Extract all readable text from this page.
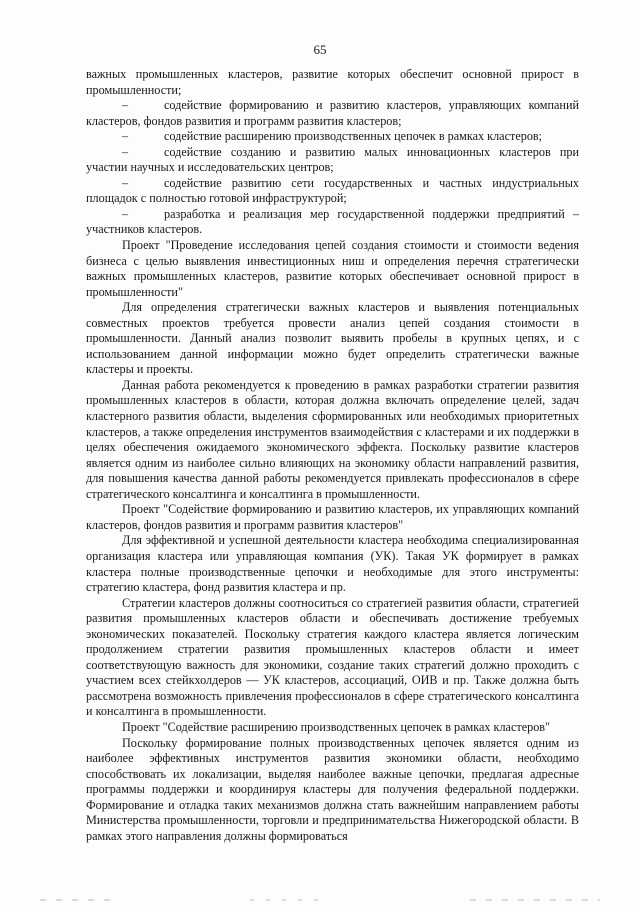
65

важных промышленных кластеров, развитие которых обеспечит основной прирост в промышленности;

–	содействие формированию и развитию кластеров, управляющих компаний кластеров, фондов развития и программ развития кластеров;

–	содействие расширению производственных цепочек в рамках кластеров;

–	содействие созданию и развитию малых инновационных кластеров при участии научных и исследовательских центров;

–	содействие развитию сети государственных и частных индустриальных площадок с полностью готовой инфраструктурой;

–	разработка и реализация мер государственной поддержки предприятий – участников кластеров.

Проект "Проведение исследования цепей создания стоимости и стоимости ведения бизнеса с целью выявления инвестиционных ниш и определения перечня стратегически важных промышленных кластеров, развитие которых обеспечивает основной прирост в промышленности"

Для определения стратегически важных кластеров и выявления потенциальных совместных проектов требуется провести анализ цепей создания стоимости в промышленности. Данный анализ позволит выявить пробелы в крупных цепях, и с использованием данной информации можно будет определить стратегически важные кластеры и проекты.

Данная работа рекомендуется к проведению в рамках разработки стратегии развития промышленных кластеров в области, которая должна включать определение целей, задач кластерного развития области, выделения сформированных или необходимых приоритетных кластеров, а также определения инструментов взаимодействия с кластерами и их поддержки в целях обеспечения ожидаемого экономического эффекта. Поскольку развитие кластеров является одним из наиболее сильно влияющих на экономику области направлений развития, для повышения качества данной работы рекомендуется привлекать профессионалов в сфере стратегического консалтинга и консалтинга в промышленности.

Проект "Содействие формированию и развитию кластеров, их управляющих компаний кластеров, фондов развития и программ развития кластеров"

Для эффективной и успешной деятельности кластера необходима специализированная организация кластера или управляющая компания (УК). Такая УК формирует в рамках кластера полные производственные цепочки и необходимые для этого инструменты: стратегию кластера, фонд развития кластера и пр.

Стратегии кластеров должны соотноситься со стратегией развития области, стратегией развития промышленных кластеров области и обеспечивать достижение требуемых экономических показателей. Поскольку стратегия каждого кластера является логическим продолжением стратегии развития промышленных кластеров области и имеет соответствующую важность для экономики, создание таких стратегий должно проходить с участием всех стейкхолдеров — УК кластеров, ассоциаций, ОИВ и пр. Также должна быть рассмотрена возможность привлечения профессионалов в сфере стратегического консалтинга и консалтинга в промышленности.

Проект "Содействие расширению производственных цепочек в рамках кластеров"

Поскольку формирование полных производственных цепочек является одним из наиболее эффективных инструментов развития экономики области, необходимо способствовать их локализации, выделяя наиболее важные цепочки, предлагая адресные программы поддержки и координируя кластеры для получения федеральной поддержки. Формирование и отладка таких механизмов должна стать важнейшим направлением работы Министерства промышленности, торговли и предпринимательства Нижегородской области. В рамках этого направления должны формироваться
